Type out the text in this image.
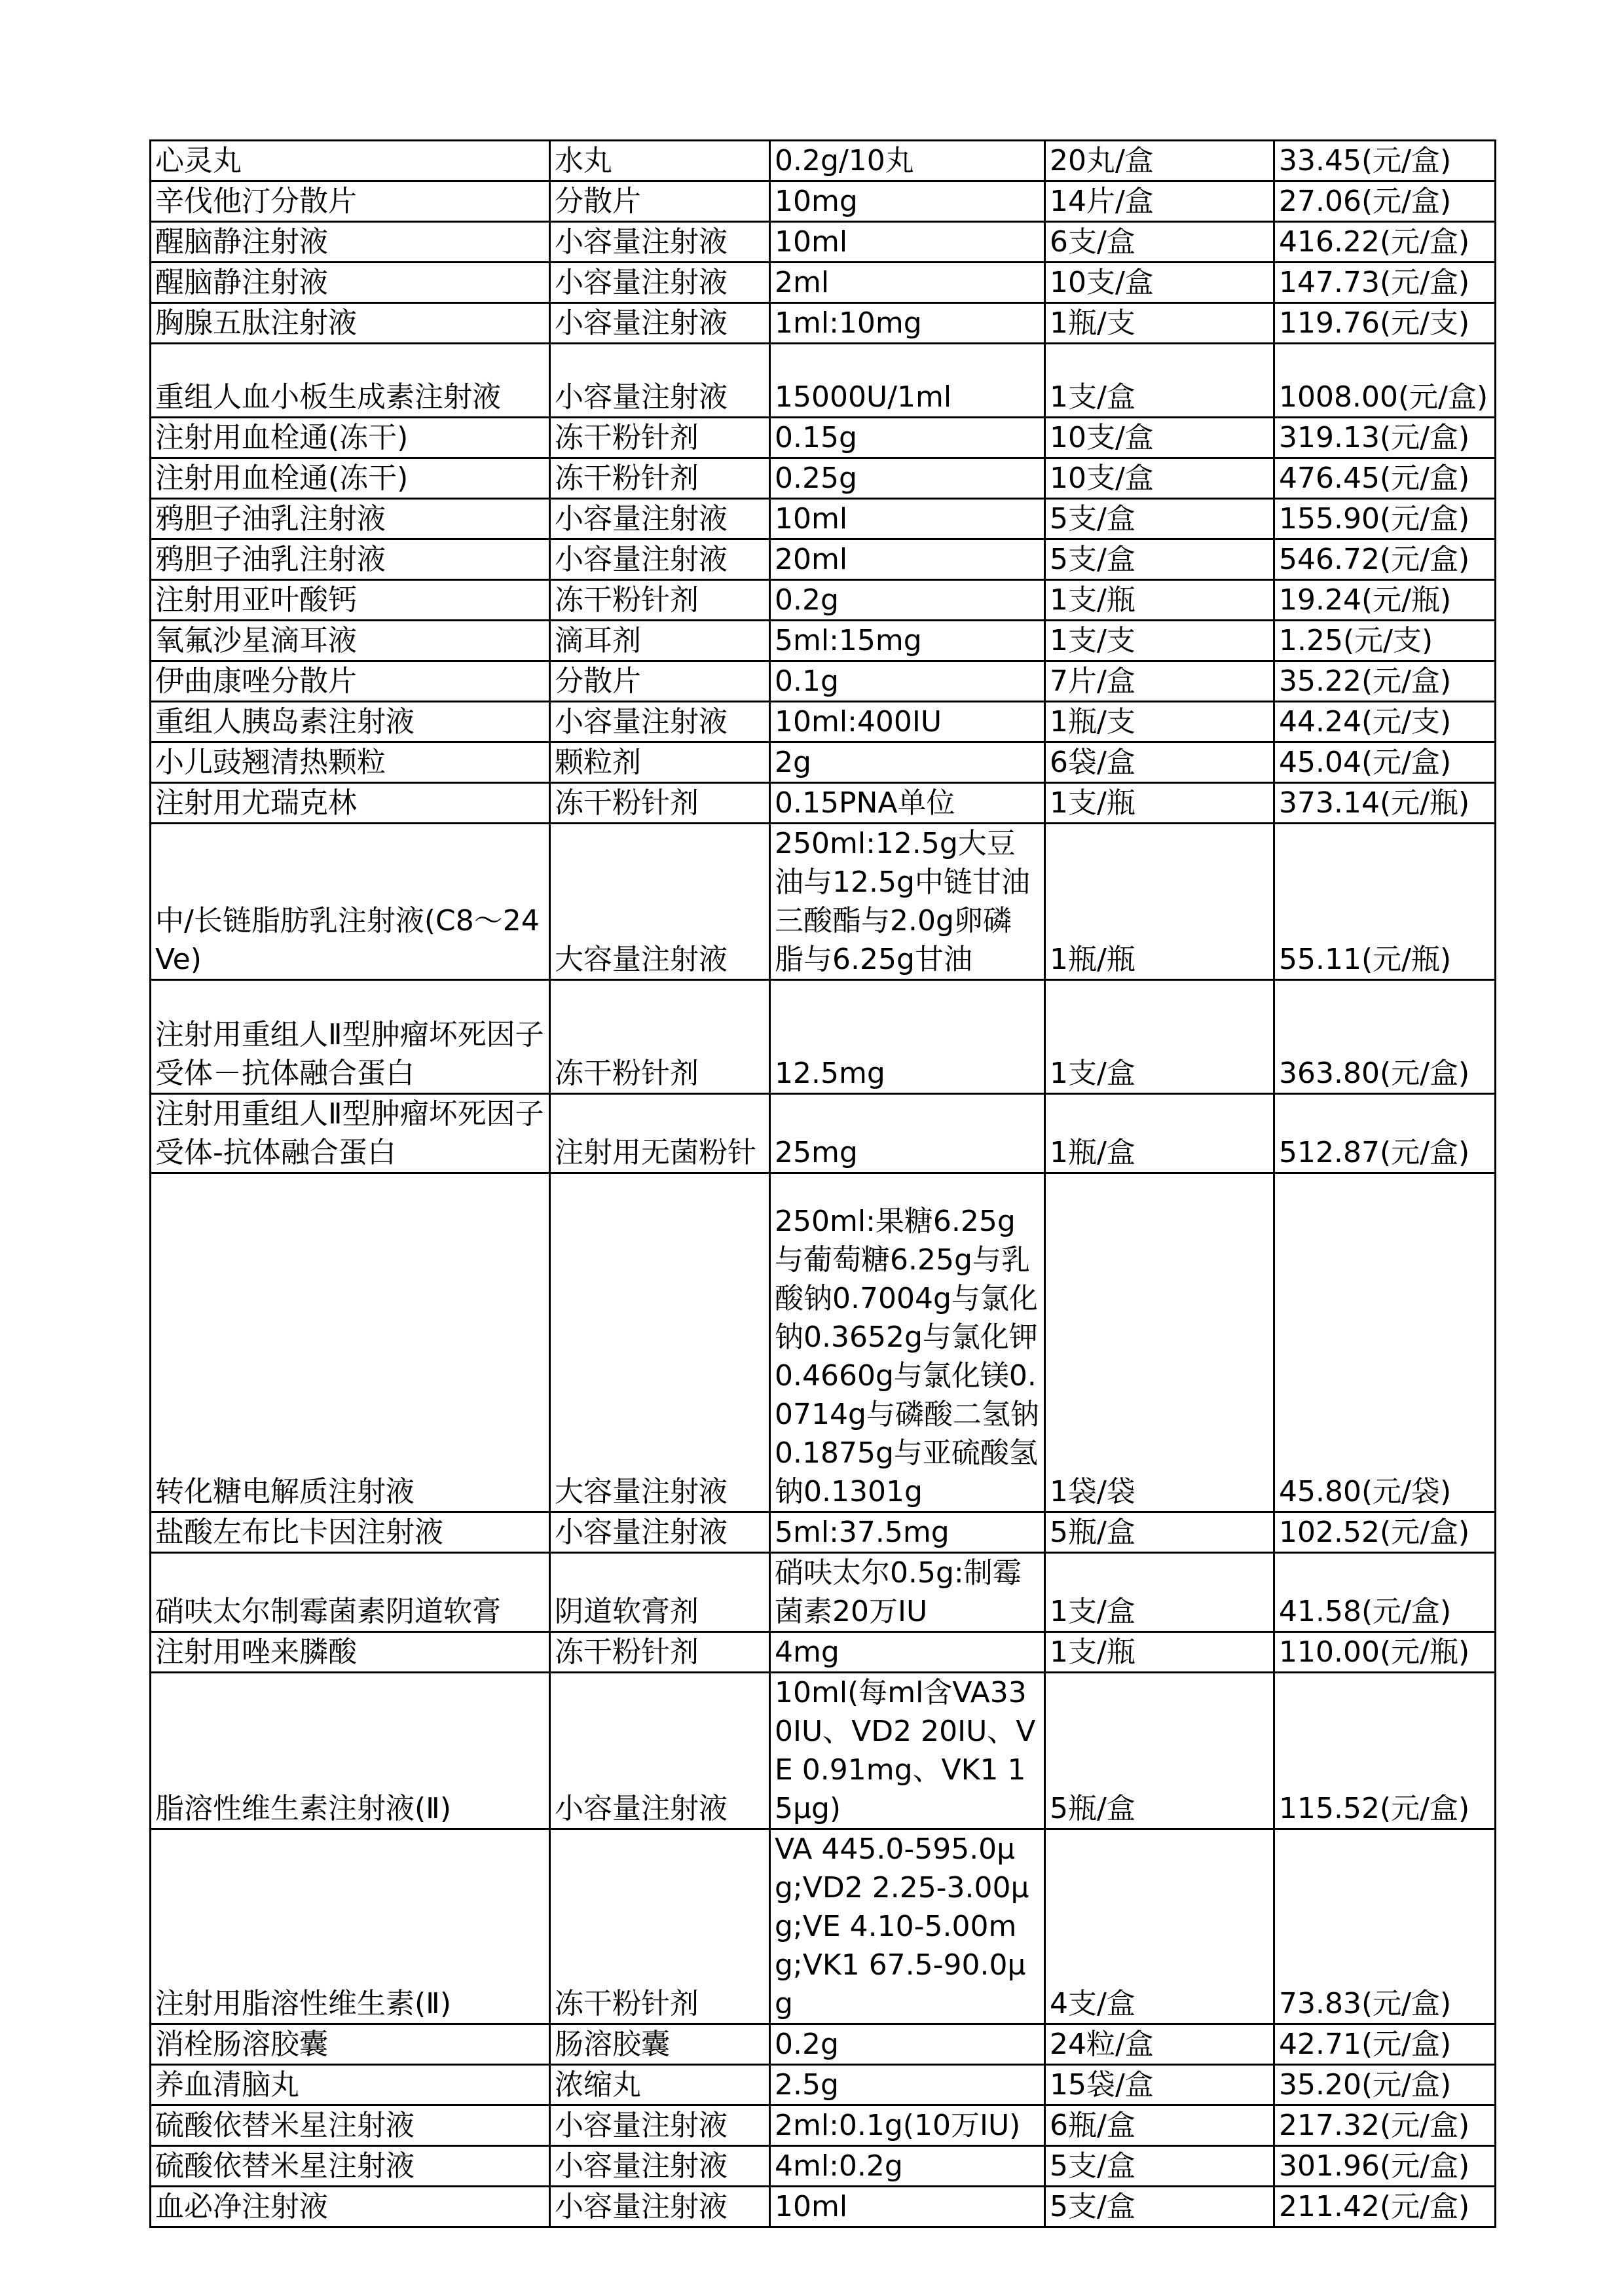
心灵丸	水丸	0.2g/10丸	20丸/盒	33.45(元/盒)

辛伐他汀分散片	分散片	10mg	14片/盒	27.06(元/盒)

醒脑静注射液	小容量注射液	10ml	6支/盒	416.22(元/盒)

醒脑静注射液	小容量注射液	2ml	10支/盒	147.73(元/盒)

胸腺五肽注射液	小容量注射液	1ml:10mg	1瓶/支	119.76(元/支)

重组人血小板生成素注射液	小容量注射液	15000U/1ml	1支/盒	1008.00(元/盒)

注射用血栓通(冻干)	冻干粉针剂	0.15g	10支/盒	319.13(元/盒)

注射用血栓通(冻干)	冻干粉针剂	0.25g	10支/盒	476.45(元/盒)

鸦胆子油乳注射液	小容量注射液	10ml	5支/盒	155.90(元/盒)

鸦胆子油乳注射液	小容量注射液	20ml	5支/盒	546.72(元/盒)

注射用亚叶酸钙	冻干粉针剂	0.2g	1支/瓶	19.24(元/瓶)

氧氟沙星滴耳液	滴耳剂	5ml:15mg	1支/支	1.25(元/支)

伊曲康唑分散片	分散片	0.1g	7片/盒	35.22(元/盒)

重组人胰岛素注射液	小容量注射液	10ml:400IU	1瓶/支	44.24(元/支)

小儿豉翘清热颗粒	颗粒剂	2g	6袋/盒	45.04(元/盒)

注射用尤瑞克林	冻干粉针剂	0.15PNA单位	1支/瓶	373.14(元/瓶)

中/长链脂肪乳注射液(C8～24Ve)	大容量注射液	250ml:12.5g大豆油与12.5g中链甘油三酸酯与2.0g卵磷脂与6.25g甘油	1瓶/瓶	55.11(元/瓶)

注射用重组人Ⅱ型肿瘤坏死因子受体－抗体融合蛋白	冻干粉针剂	12.5mg	1支/盒	363.80(元/盒)

注射用重组人Ⅱ型肿瘤坏死因子受体-抗体融合蛋白	注射用无菌粉针	25mg	1瓶/盒	512.87(元/盒)

转化糖电解质注射液	大容量注射液	250ml:果糖6.25g与葡萄糖6.25g与乳酸钠0.7004g与氯化钠0.3652g与氯化钾0.4660g与氯化镁0.0714g与磷酸二氢钠0.1875g与亚硫酸氢钠0.1301g	1袋/袋	45.80(元/袋)

盐酸左布比卡因注射液	小容量注射液	5ml:37.5mg	5瓶/盒	102.52(元/盒)

硝呋太尔制霉菌素阴道软膏	阴道软膏剂	硝呋太尔0.5g:制霉菌素20万IU	1支/盒	41.58(元/盒)

注射用唑来膦酸	冻干粉针剂	4mg	1支/瓶	110.00(元/瓶)

脂溶性维生素注射液(Ⅱ)	小容量注射液	10ml(每ml含VA330IU、VD2 20IU、VE 0.91mg、VK1 15μg)	5瓶/盒	115.52(元/盒)

注射用脂溶性维生素(Ⅱ)	冻干粉针剂	VA 445.0-595.0μg;VD2 2.25-3.00μg;VE 4.10-5.00mg;VK1 67.5-90.0μg	4支/盒	73.83(元/盒)

消栓肠溶胶囊	肠溶胶囊	0.2g	24粒/盒	42.71(元/盒)

养血清脑丸	浓缩丸	2.5g	15袋/盒	35.20(元/盒)

硫酸依替米星注射液	小容量注射液	2ml:0.1g(10万IU)	6瓶/盒	217.32(元/盒)

硫酸依替米星注射液	小容量注射液	4ml:0.2g	5支/盒	301.96(元/盒)

血必净注射液	小容量注射液	10ml	5支/盒	211.42(元/盒)
